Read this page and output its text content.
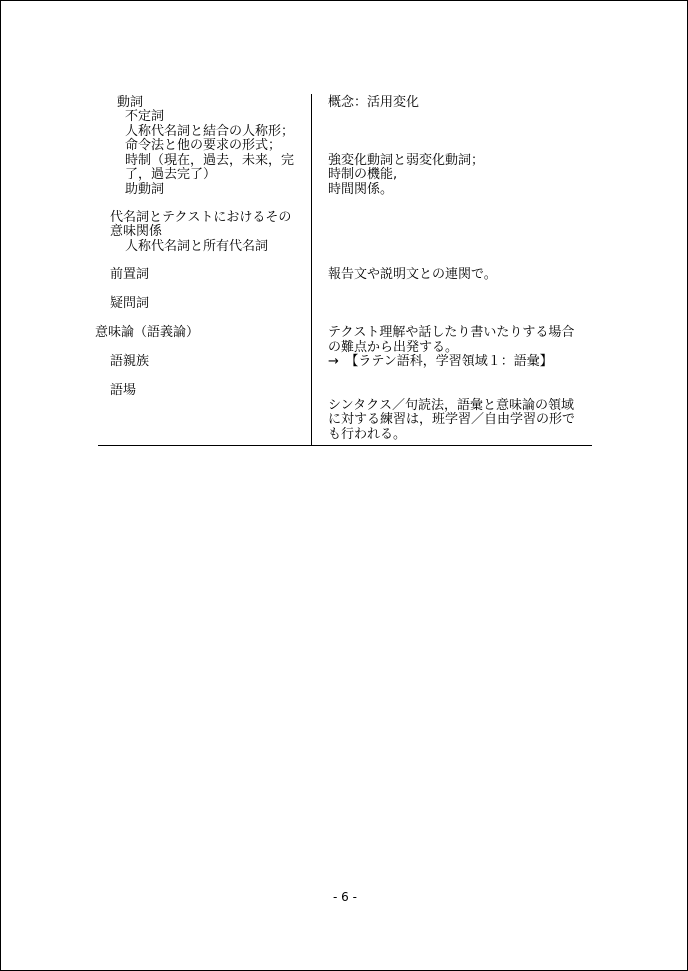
動詞
不定詞
人称代名詞と結合の人称形；
命令法と他の要求の形式；
時制（現在，過去，未来，完
了，過去完了）
助動詞
代名詞とテクストにおけるその
意味関係
人称代名詞と所有代名詞
前置詞
疑問詞
意味論（語義論）
語親族
語場
概念：活用変化
強変化動詞と弱変化動詞；
時制の機能,
時間関係。
報告文や説明文との連関で。
テクスト理解や話したり書いたりする場合
の難点から出発する。
→　【ラテン語科，学習領域１：語彙】
シンタクス／句読法，語彙と意味論の領域
に対する練習は，班学習／自由学習の形で
も行われる。
- 6 -
